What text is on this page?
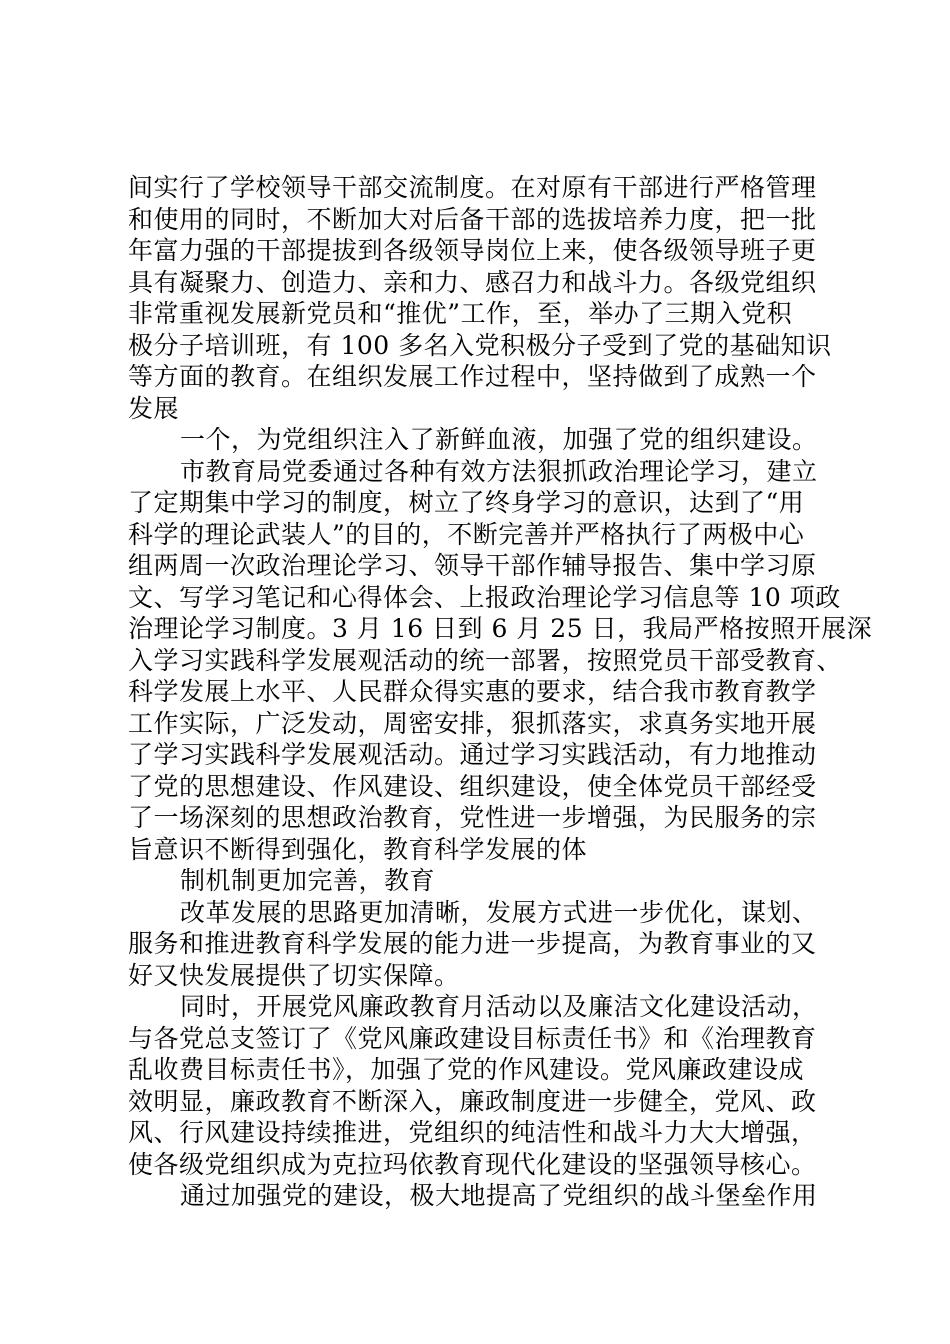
间实行了学校领导干部交流制度。在对原有干部进行严格管理
和使用的同时，不断加大对后备干部的选拔培养力度，把一批
年富力强的干部提拔到各级领导岗位上来，使各级领导班子更
具有凝聚力、创造力、亲和力、感召力和战斗力。各级党组织
非常重视发展新党员和“推优”工作，至，举办了三期入党积
极分子培训班，有 100 多名入党积极分子受到了党的基础知识
等方面的教育。在组织发展工作过程中，坚持做到了成熟一个
发展
一个，为党组织注入了新鲜血液，加强了党的组织建设。
市教育局党委通过各种有效方法狠抓政治理论学习，建立
了定期集中学习的制度，树立了终身学习的意识，达到了“用
科学的理论武装人”的目的，不断完善并严格执行了两极中心
组两周一次政治理论学习、领导干部作辅导报告、集中学习原
文、写学习笔记和心得体会、上报政治理论学习信息等 10 项政
治理论学习制度。3 月 16 日到 6 月 25 日，我局严格按照开展深
入学习实践科学发展观活动的统一部署，按照党员干部受教育、
科学发展上水平、人民群众得实惠的要求，结合我市教育教学
工作实际，广泛发动，周密安排，狠抓落实，求真务实地开展
了学习实践科学发展观活动。通过学习实践活动，有力地推动
了党的思想建设、作风建设、组织建设，使全体党员干部经受
了一场深刻的思想政治教育，党性进一步增强，为民服务的宗
旨意识不断得到强化，教育科学发展的体
制机制更加完善，教育
改革发展的思路更加清晰，发展方式进一步优化，谋划、
服务和推进教育科学发展的能力进一步提高，为教育事业的又
好又快发展提供了切实保障。
同时，开展党风廉政教育月活动以及廉洁文化建设活动，
与各党总支签订了《党风廉政建设目标责任书》和《治理教育
乱收费目标责任书》，加强了党的作风建设。党风廉政建设成
效明显，廉政教育不断深入，廉政制度进一步健全，党风、政
风、行风建设持续推进，党组织的纯洁性和战斗力大大增强，
使各级党组织成为克拉玛依教育现代化建设的坚强领导核心。
通过加强党的建设，极大地提高了党组织的战斗堡垒作用
